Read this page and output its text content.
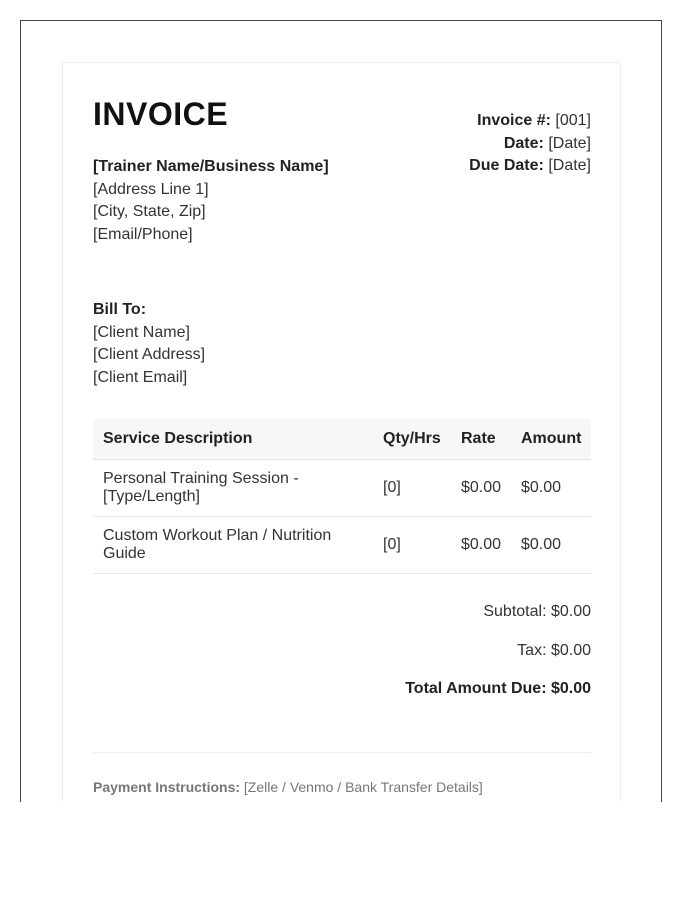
INVOICE
[Trainer Name/Business Name]
[Address Line 1]
[City, State, Zip]
[Email/Phone]
Invoice #: [001]
Date: [Date]
Due Date: [Date]
Bill To:
[Client Name]
[Client Address]
[Client Email]
Service Description	Qty/Hrs	Rate	Amount
Personal Training Session - [Type/Length]	[0]	$0.00	$0.00
Custom Workout Plan / Nutrition Guide	[0]	$0.00	$0.00
Subtotal: $0.00
Tax: $0.00
Total Amount Due: $0.00
Payment Instructions: [Zelle / Venmo / Bank Transfer Details]
